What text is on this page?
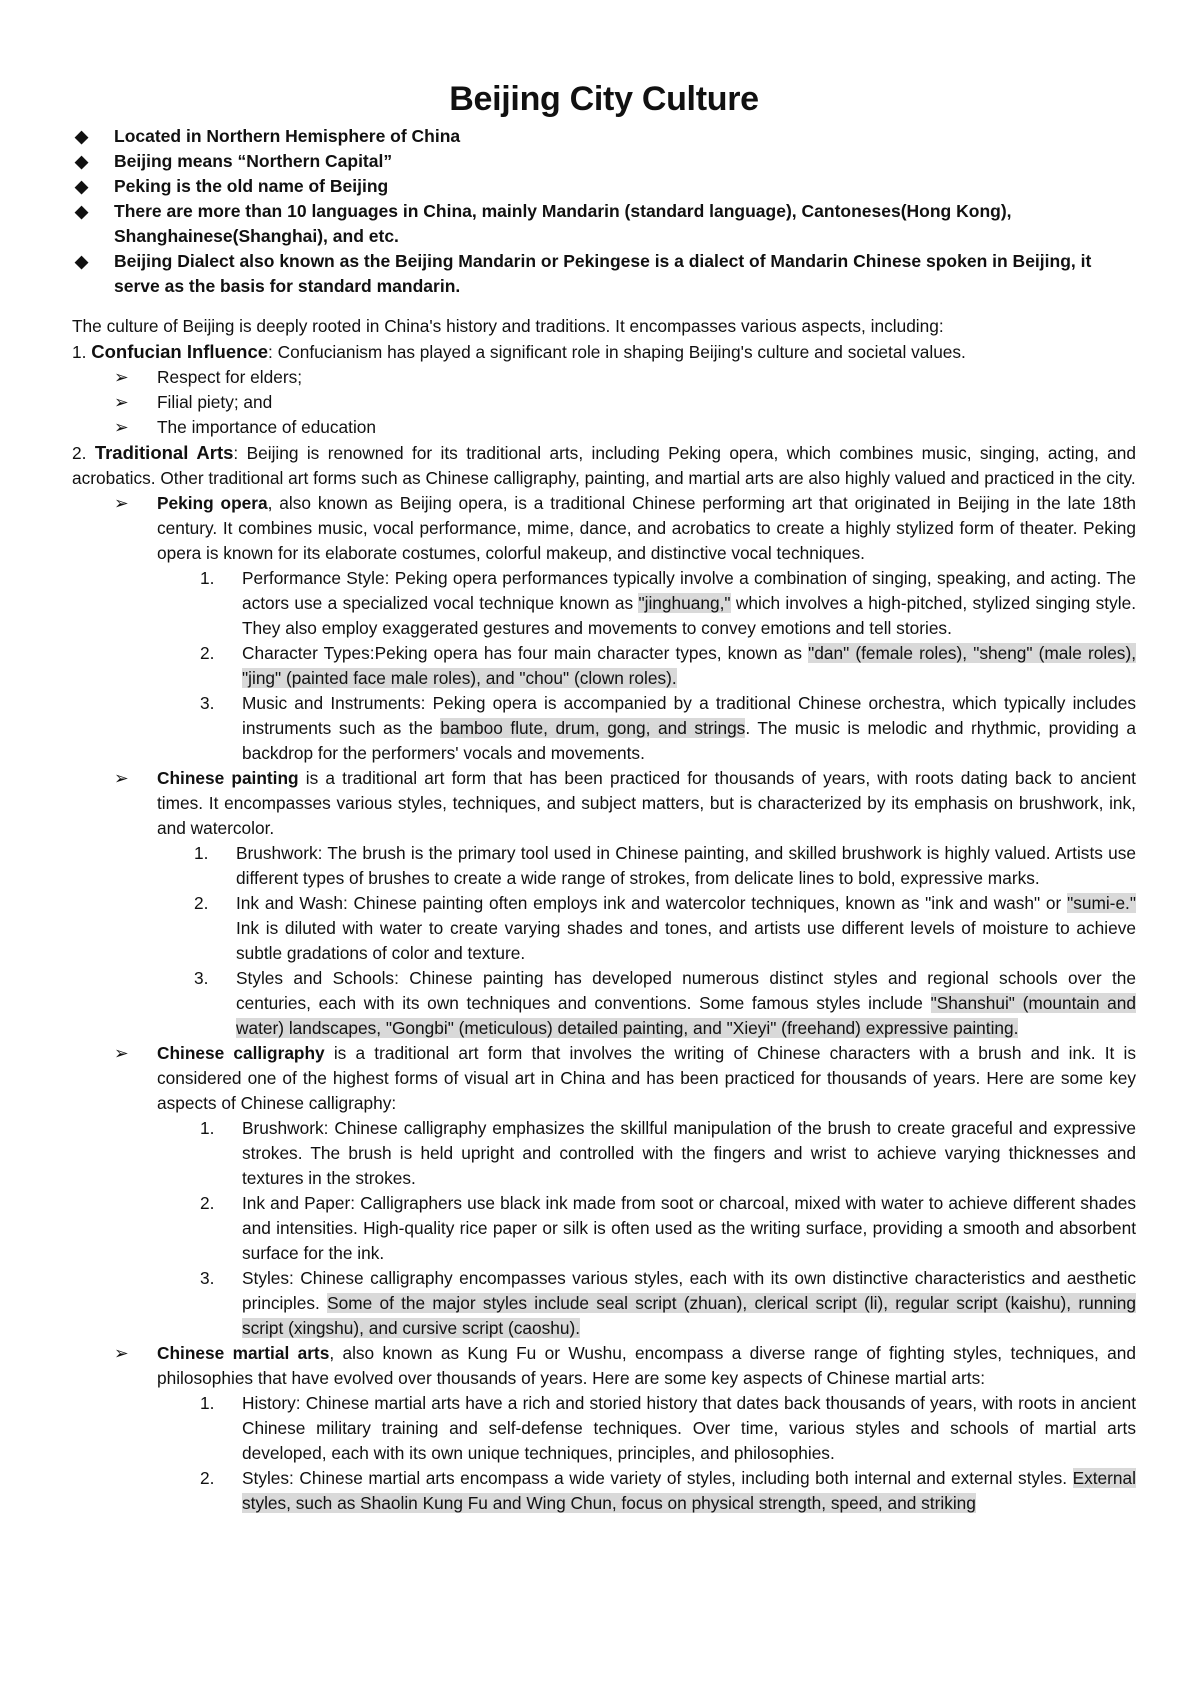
Beijing City Culture
◆ Located in Northern Hemisphere of China
◆ Beijing means “Northern Capital”
◆ Peking is the old name of Beijing
◆ There are more than 10 languages in China, mainly Mandarin (standard language), Cantoneses(Hong Kong), Shanghainese(Shanghai), and etc.
◆ Beijing Dialect also known as the Beijing Mandarin or Pekingese is a dialect of Mandarin Chinese spoken in Beijing, it serve as the basis for standard mandarin.

The culture of Beijing is deeply rooted in China's history and traditions. It encompasses various aspects, including:

1. Confucian Influence: Confucianism has played a significant role in shaping Beijing's culture and societal values.

➢ Respect for elders;
➢ Filial piety; and
➢ The importance of education

2. Traditional Arts: Beijing is renowned for its traditional arts, including Peking opera, which combines music, singing, acting, and acrobatics. Other traditional art forms such as Chinese calligraphy, painting, and martial arts are also highly valued and practiced in the city.

➢ Peking opera, also known as Beijing opera, is a traditional Chinese performing art that originated in Beijing in the late 18th century. It combines music, vocal performance, mime, dance, and acrobatics to create a highly stylized form of theater. Peking opera is known for its elaborate costumes, colorful makeup, and distinctive vocal techniques.
1. Performance Style: Peking opera performances typically involve a combination of singing, speaking, and acting. The actors use a specialized vocal technique known as "jinghuang," which involves a high-pitched, stylized singing style. They also employ exaggerated gestures and movements to convey emotions and tell stories.
2. Character Types:Peking opera has four main character types, known as "dan" (female roles), "sheng" (male roles), "jing" (painted face male roles), and "chou" (clown roles).
3. Music and Instruments: Peking opera is accompanied by a traditional Chinese orchestra, which typically includes instruments such as the bamboo flute, drum, gong, and strings. The music is melodic and rhythmic, providing a backdrop for the performers' vocals and movements.
➢ Chinese painting is a traditional art form that has been practiced for thousands of years, with roots dating back to ancient times. It encompasses various styles, techniques, and subject matters, but is characterized by its emphasis on brushwork, ink, and watercolor.
1. Brushwork: The brush is the primary tool used in Chinese painting, and skilled brushwork is highly valued. Artists use different types of brushes to create a wide range of strokes, from delicate lines to bold, expressive marks.
2. Ink and Wash: Chinese painting often employs ink and watercolor techniques, known as "ink and wash" or "sumi-e." Ink is diluted with water to create varying shades and tones, and artists use different levels of moisture to achieve subtle gradations of color and texture.
3. Styles and Schools: Chinese painting has developed numerous distinct styles and regional schools over the centuries, each with its own techniques and conventions. Some famous styles include "Shanshui" (mountain and water) landscapes, "Gongbi" (meticulous) detailed painting, and "Xieyi" (freehand) expressive painting.
➢ Chinese calligraphy is a traditional art form that involves the writing of Chinese characters with a brush and ink. It is considered one of the highest forms of visual art in China and has been practiced for thousands of years. Here are some key aspects of Chinese calligraphy:
1. Brushwork: Chinese calligraphy emphasizes the skillful manipulation of the brush to create graceful and expressive strokes. The brush is held upright and controlled with the fingers and wrist to achieve varying thicknesses and textures in the strokes.
2. Ink and Paper: Calligraphers use black ink made from soot or charcoal, mixed with water to achieve different shades and intensities. High-quality rice paper or silk is often used as the writing surface, providing a smooth and absorbent surface for the ink.
3. Styles: Chinese calligraphy encompasses various styles, each with its own distinctive characteristics and aesthetic principles. Some of the major styles include seal script (zhuan), clerical script (li), regular script (kaishu), running script (xingshu), and cursive script (caoshu).
➢ Chinese martial arts, also known as Kung Fu or Wushu, encompass a diverse range of fighting styles, techniques, and philosophies that have evolved over thousands of years. Here are some key aspects of Chinese martial arts:
1. History: Chinese martial arts have a rich and storied history that dates back thousands of years, with roots in ancient Chinese military training and self-defense techniques. Over time, various styles and schools of martial arts developed, each with its own unique techniques, principles, and philosophies.
2. Styles: Chinese martial arts encompass a wide variety of styles, including both internal and external styles. External styles, such as Shaolin Kung Fu and Wing Chun, focus on physical strength, speed, and striking
